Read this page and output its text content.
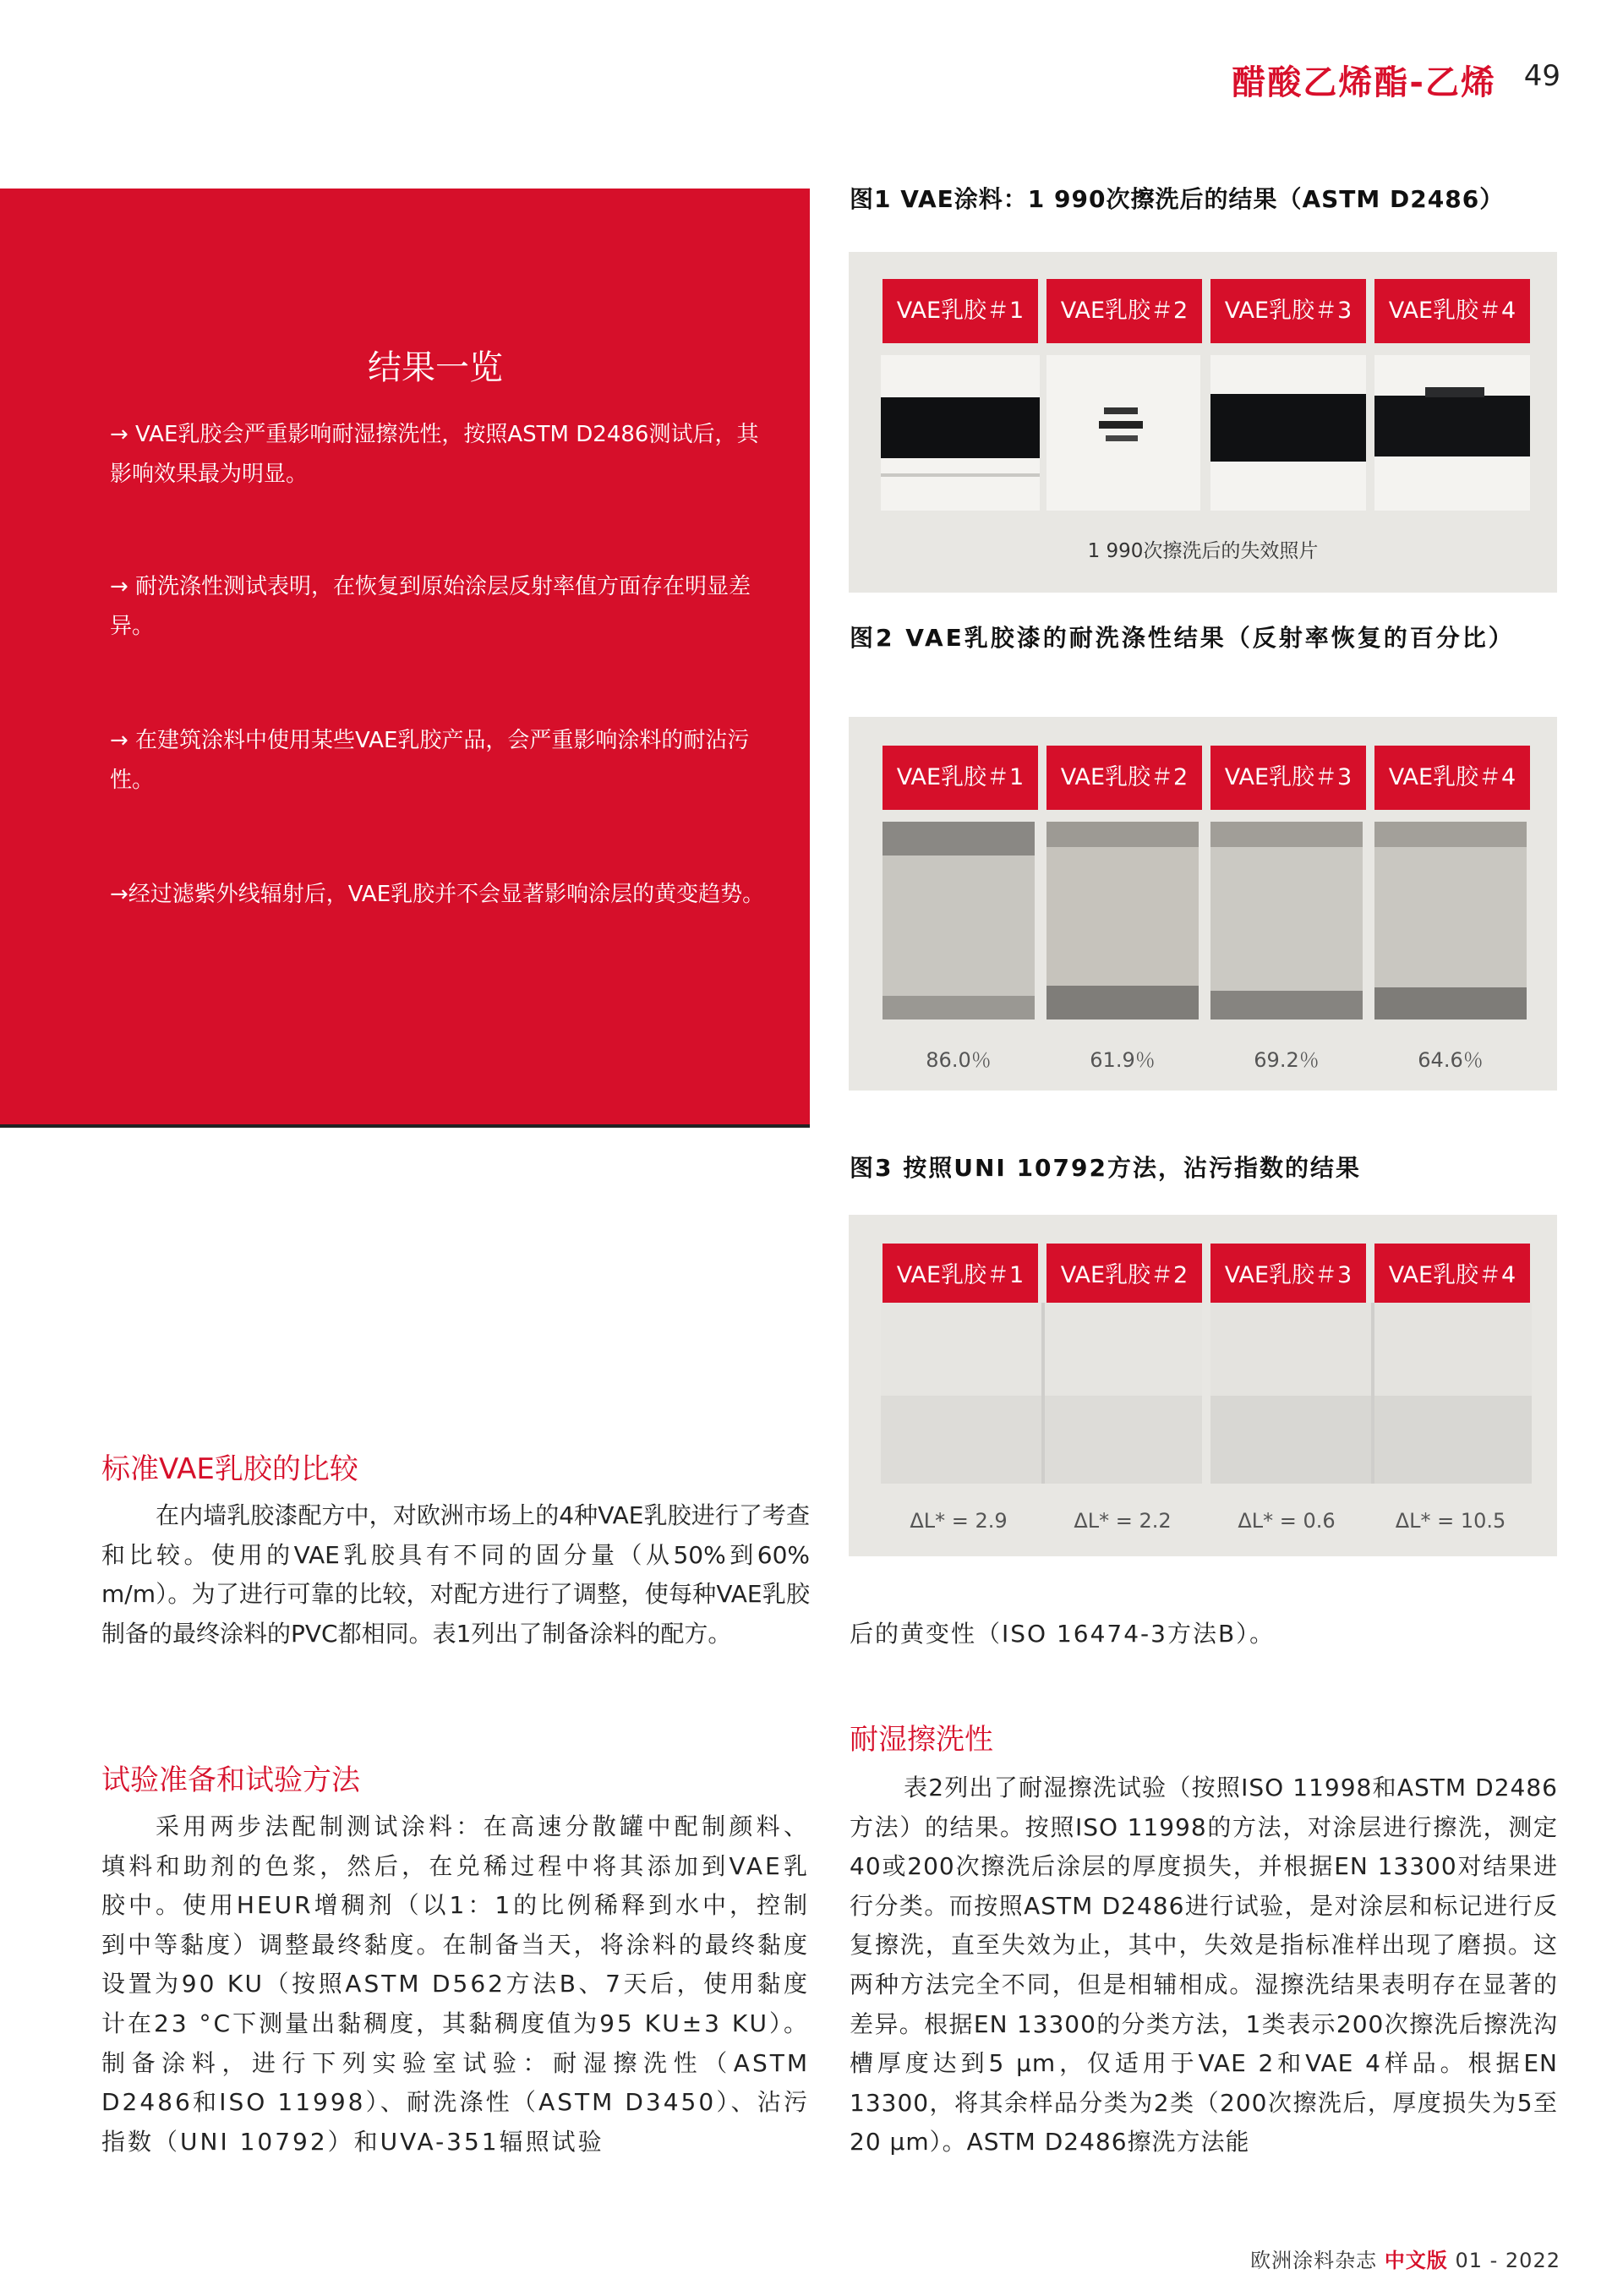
醋酸乙烯酯-乙烯 49
结果一览
→ VAE乳胶会严重影响耐湿擦洗性，按照ASTM D2486测试后，其影响效果最为明显。
→ 耐洗涤性测试表明，在恢复到原始涂层反射率值方面存在明显差异。
→ 在建筑涂料中使用某些VAE乳胶产品，会严重影响涂料的耐沾污性。
→经过滤紫外线辐射后，VAE乳胶并不会显著影响涂层的黄变趋势。
图1 VAE涂料：1 990次擦洗后的结果（ASTM D2486）
VAE乳胶＃1	VAE乳胶＃2	VAE乳胶＃3	VAE乳胶＃4
1 990次擦洗后的失效照片
图2 VAE乳胶漆的耐洗涤性结果（反射率恢复的百分比）
VAE乳胶＃1	VAE乳胶＃2	VAE乳胶＃3	VAE乳胶＃4
86.0％	61.9％	69.2％	64.6％
图3 按照UNI 10792方法，沾污指数的结果
VAE乳胶＃1	VAE乳胶＃2	VAE乳胶＃3	VAE乳胶＃4
ΔL* = 2.9	ΔL* = 2.2	ΔL* = 0.6	ΔL* = 10.5
标准VAE乳胶的比较
在内墙乳胶漆配方中，对欧洲市场上的4种VAE乳胶进行了考查和比较。使用的VAE乳胶具有不同的固分量（从50%到60% m/m）。为了进行可靠的比较，对配方进行了调整，使每种VAE乳胶制备的最终涂料的PVC都相同。表1列出了制备涂料的配方。
试验准备和试验方法
采用两步法配制测试涂料：在高速分散罐中配制颜料、填料和助剂的色浆，然后，在兑稀过程中将其添加到VAE乳胶中。使用HEUR增稠剂（以1：1的比例稀释到水中，控制到中等黏度）调整最终黏度。在制备当天，将涂料的最终黏度设置为90 KU（按照ASTM D562方法B、7天后，使用黏度计在23 °C下测量出黏稠度，其黏稠度值为95 KU±3 KU）。制备涂料，进行下列实验室试验：耐湿擦洗性（ASTM D2486和ISO 11998）、耐洗涤性（ASTM D3450）、沾污指数（UNI 10792）和UVA-351辐照试验
后的黄变性（ISO 16474-3方法B）。
耐湿擦洗性
表2列出了耐湿擦洗试验（按照ISO 11998和ASTM D2486方法）的结果。按照ISO 11998的方法，对涂层进行擦洗，测定40或200次擦洗后涂层的厚度损失，并根据EN 13300对结果进行分类。而按照ASTM D2486进行试验，是对涂层和标记进行反复擦洗，直至失效为止，其中，失效是指标准样出现了磨损。这两种方法完全不同，但是相辅相成。湿擦洗结果表明存在显著的差异。根据EN 13300的分类方法，1类表示200次擦洗后擦洗沟槽厚度达到5 μm，仅适用于VAE 2和VAE 4样品。根据EN 13300，将其余样品分类为2类（200次擦洗后，厚度损失为5至20 μm）。ASTM D2486擦洗方法能
欧洲涂料杂志 中文版 01 - 2022
